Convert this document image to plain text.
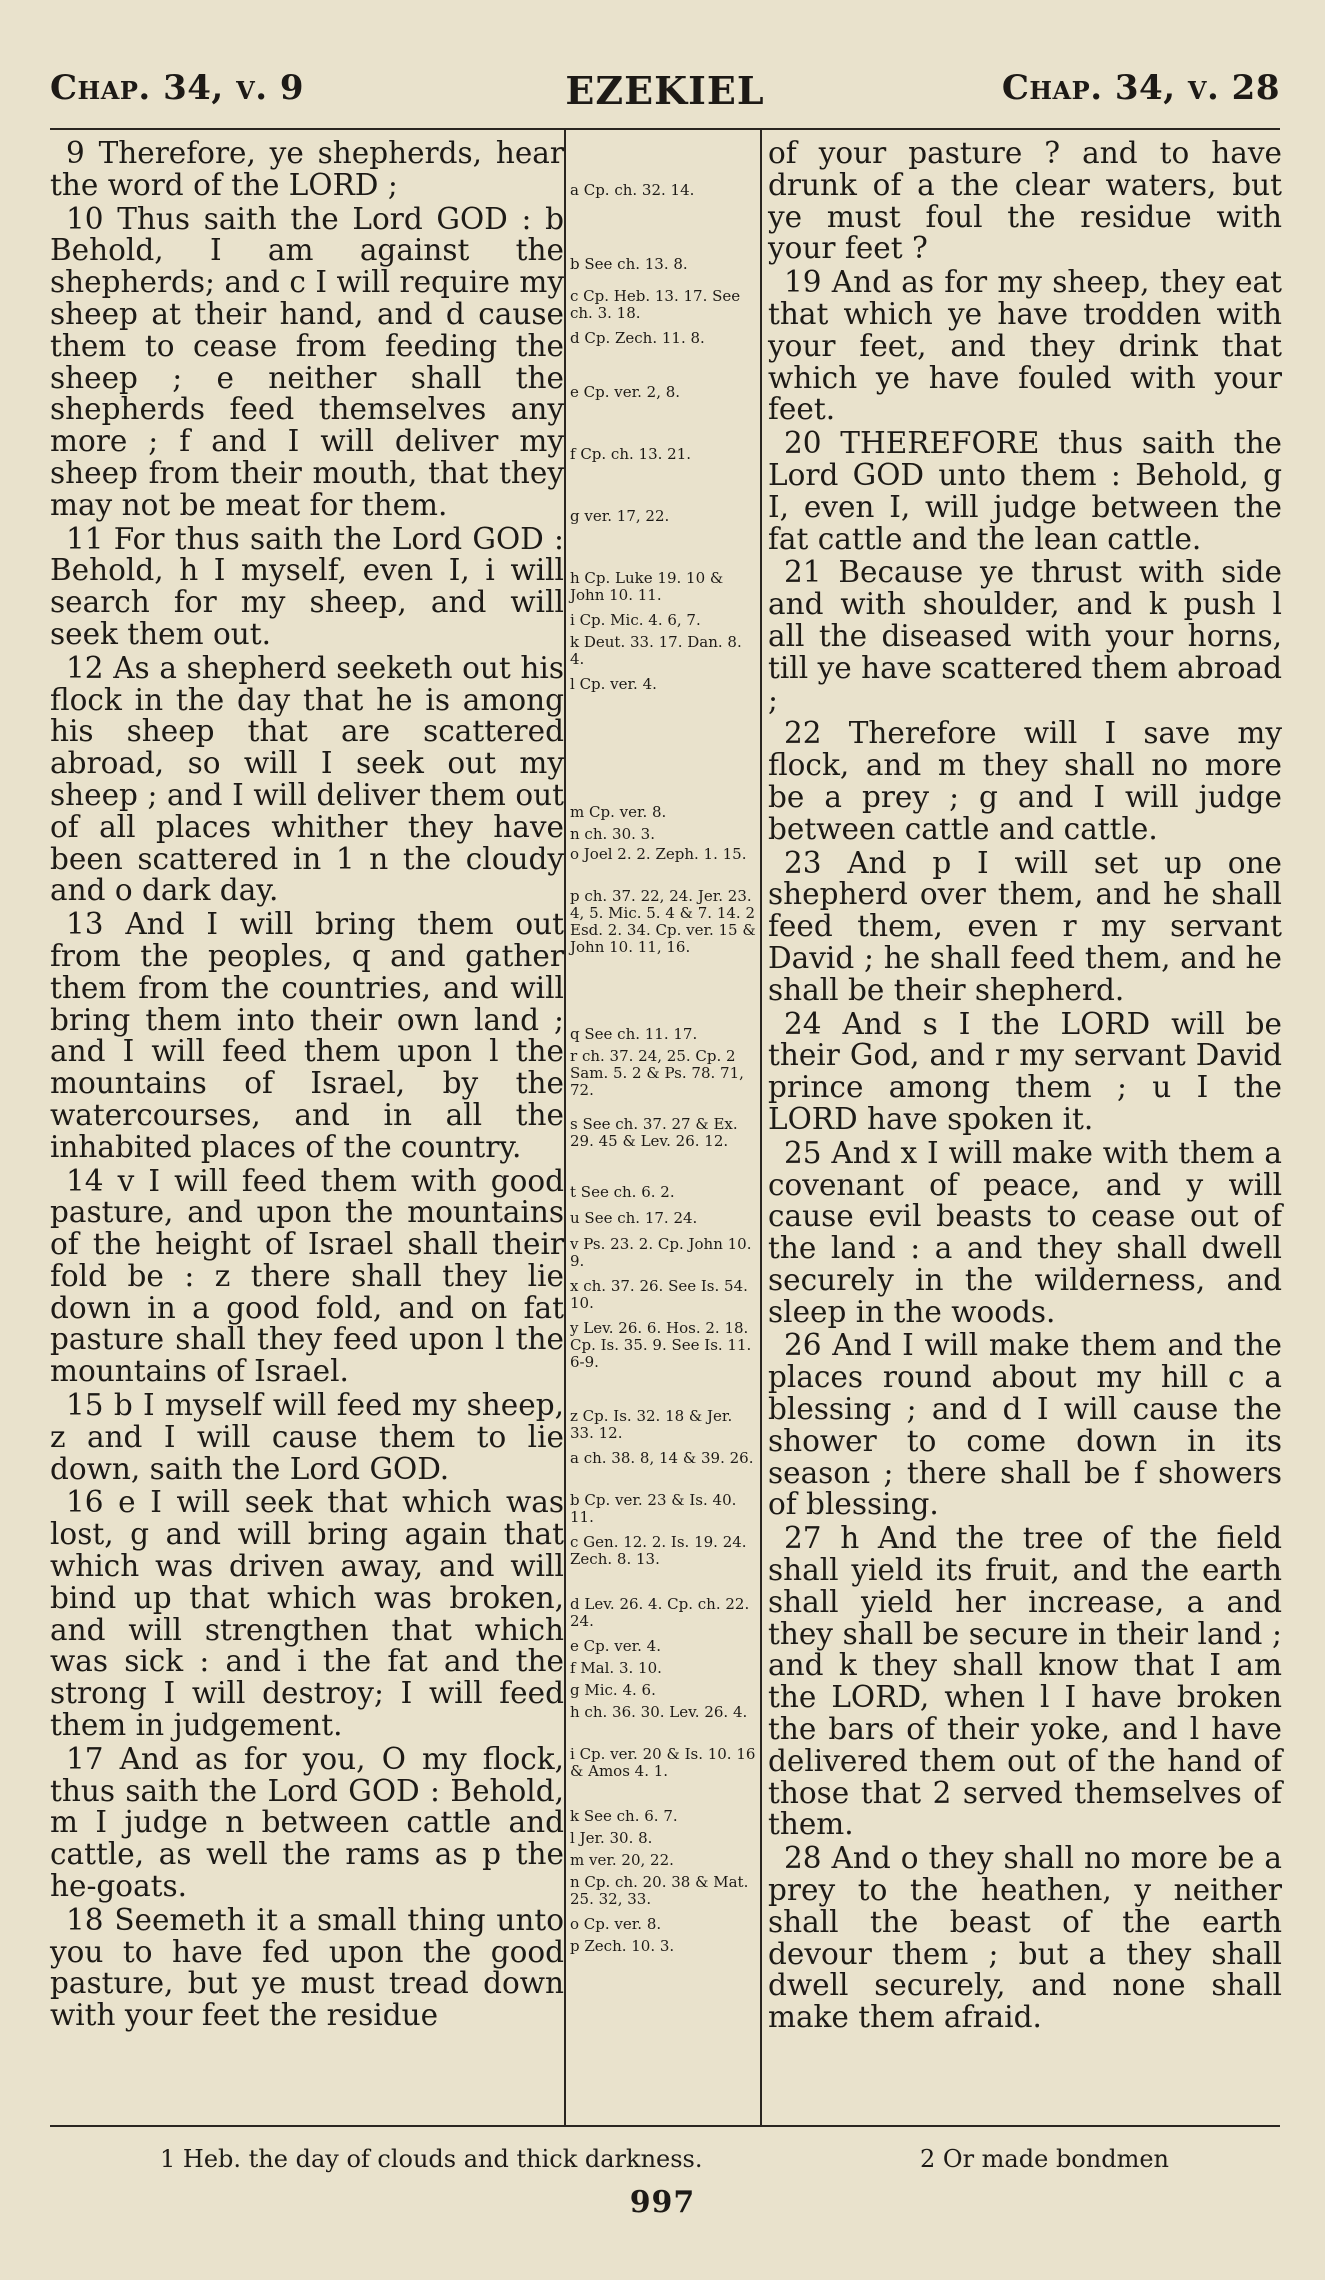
Chap. 34, v. 9	EZEKIEL	Chap. 34, v. 28

9 Therefore, ye shepherds, hear the word of the LORD ;

10 Thus saith the Lord GOD : b Behold, I am against the shepherds; and c I will require my sheep at their hand, and d cause them to cease from feeding the sheep ; e neither shall the shepherds feed themselves any more ; f and I will deliver my sheep from their mouth, that they may not be meat for them.

11 For thus saith the Lord GOD : Behold, h I myself, even I, i will search for my sheep, and will seek them out.

12 As a shepherd seeketh out his flock in the day that he is among his sheep that are scattered abroad, so will I seek out my sheep ; and I will deliver them out of all places whither they have been scattered in 1 n the cloudy and o dark day.

13 And I will bring them out from the peoples, q and gather them from the countries, and will bring them into their own land ; and I will feed them upon l the mountains of Israel, by the watercourses, and in all the inhabited places of the country.

14 v I will feed them with good pasture, and upon the mountains of the height of Israel shall their fold be : z there shall they lie down in a good fold, and on fat pasture shall they feed upon l the mountains of Israel.

15 b I myself will feed my sheep, z and I will cause them to lie down, saith the Lord GOD.

16 e I will seek that which was lost, g and will bring again that which was driven away, and will bind up that which was broken, and will strengthen that which was sick : and i the fat and the strong I will destroy; I will feed them in judgement.

17 And as for you, O my flock, thus saith the Lord GOD : Behold, m I judge n between cattle and cattle, as well the rams as p the he-goats.

18 Seemeth it a small thing unto you to have fed upon the good pasture, but ye must tread down with your feet the residue

a Cp. ch. 32. 14.
b See ch. 13. 8.
c Cp. Heb. 13. 17. See ch. 3. 18.
d Cp. Zech. 11. 8.
e Cp. ver. 2, 8.
f Cp. ch. 13. 21.
g ver. 17, 22.
h Cp. Luke 19. 10 & John 10. 11.
i Cp. Mic. 4. 6, 7.
k Deut. 33. 17. Dan. 8. 4.
l Cp. ver. 4.
m Cp. ver. 8.
n ch. 30. 3.
o Joel 2. 2. Zeph. 1. 15.
p ch. 37. 22, 24. Jer. 23. 4, 5. Mic. 5. 4 & 7. 14. 2 Esd. 2. 34. Cp. ver. 15 & John 10. 11, 16.
q See ch. 11. 17.
r ch. 37. 24, 25. Cp. 2 Sam. 5. 2 & Ps. 78. 71, 72.
s See ch. 37. 27 & Ex. 29. 45 & Lev. 26. 12.
t See ch. 6. 2.
u See ch. 17. 24.
v Ps. 23. 2. Cp. John 10. 9.
x ch. 37. 26. See Is. 54. 10.
y Lev. 26. 6. Hos. 2. 18. Cp. Is. 35. 9. See Is. 11. 6-9.
z Cp. Is. 32. 18 & Jer. 33. 12.
a ch. 38. 8, 14 & 39. 26.
b Cp. ver. 23 & Is. 40. 11.
c Gen. 12. 2. Is. 19. 24. Zech. 8. 13.
d Lev. 26. 4. Cp. ch. 22. 24.
e Cp. ver. 4.
f Mal. 3. 10.
g Mic. 4. 6.
h ch. 36. 30. Lev. 26. 4.
i Cp. ver. 20 & Is. 10. 16 & Amos 4. 1.
k See ch. 6. 7.
l Jer. 30. 8.
m ver. 20, 22.
n Cp. ch. 20. 38 & Mat. 25. 32, 33.
o Cp. ver. 8.
p Zech. 10. 3.

of your pasture ? and to have drunk of a the clear waters, but ye must foul the residue with your feet ?

19 And as for my sheep, they eat that which ye have trodden with your feet, and they drink that which ye have fouled with your feet.

20 THEREFORE thus saith the Lord GOD unto them : Behold, g I, even I, will judge between the fat cattle and the lean cattle.

21 Because ye thrust with side and with shoulder, and k push l all the diseased with your horns, till ye have scattered them abroad ;

22 Therefore will I save my flock, and m they shall no more be a prey ; g and I will judge between cattle and cattle.

23 And p I will set up one shepherd over them, and he shall feed them, even r my servant David ; he shall feed them, and he shall be their shepherd.

24 And s I the LORD will be their God, and r my servant David prince among them ; u I the LORD have spoken it.

25 And x I will make with them a covenant of peace, and y will cause evil beasts to cease out of the land : a and they shall dwell securely in the wilderness, and sleep in the woods.

26 And I will make them and the places round about my hill c a blessing ; and d I will cause the shower to come down in its season ; there shall be f showers of blessing.

27 h And the tree of the field shall yield its fruit, and the earth shall yield her increase, a and they shall be secure in their land ; and k they shall know that I am the LORD, when l I have broken the bars of their yoke, and l have delivered them out of the hand of those that 2 served themselves of them.

28 And o they shall no more be a prey to the heathen, y neither shall the beast of the earth devour them ; but a they shall dwell securely, and none shall make them afraid.

1 Heb. the day of clouds and thick darkness.	2 Or made bondmen
997
